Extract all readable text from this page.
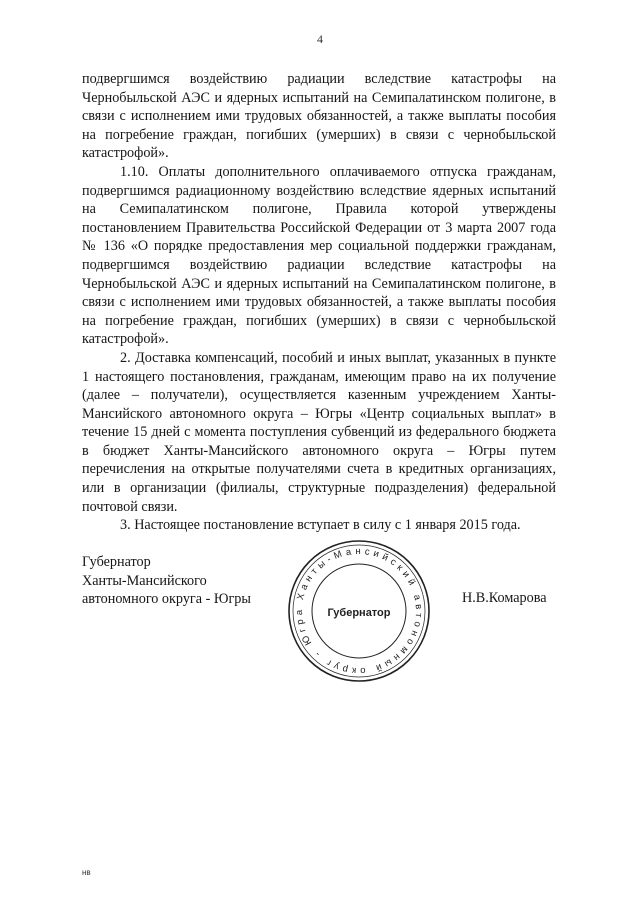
4

подвергшимся воздействию радиации вследствие катастрофы на Чернобыльской АЭС и ядерных испытаний на Семипалатинском полигоне, в связи с исполнением ими трудовых обязанностей, а также выплаты пособия на погребение граждан, погибших (умерших) в связи с чернобыльской катастрофой».

1.10. Оплаты дополнительного оплачиваемого отпуска гражданам, подвергшимся радиационному воздействию вследствие ядерных испытаний на Семипалатинском полигоне, Правила которой утверждены постановлением Правительства Российской Федерации от 3 марта 2007 года № 136 «О порядке предоставления мер социальной поддержки гражданам, подвергшимся воздействию радиации вследствие катастрофы на Чернобыльской АЭС и ядерных испытаний на Семипалатинском полигоне, в связи с исполнением ими трудовых обязанностей, а также выплаты пособия на погребение граждан, погибших (умерших) в связи с чернобыльской катастрофой».

2. Доставка компенсаций, пособий и иных выплат, указанных в пункте 1 настоящего постановления, гражданам, имеющим право на их получение (далее – получатели), осуществляется казенным учреждением Ханты-Мансийского автономного округа – Югры «Центр социальных выплат» в течение 15 дней с момента поступления субвенций из федерального бюджета в бюджет Ханты-Мансийского автономного округа – Югры путем перечисления на открытые получателями счета в кредитных организациях, или в организации (филиалы, структурные подразделения) федеральной почтовой связи.

3. Настоящее постановление вступает в силу с 1 января 2015 года.

Губернатор
Ханты-Мансийского
автономного округа - Югры	Ханты-Мансийский автономный округ - Югра	Губернатор
Н.В.Комарова
нв
